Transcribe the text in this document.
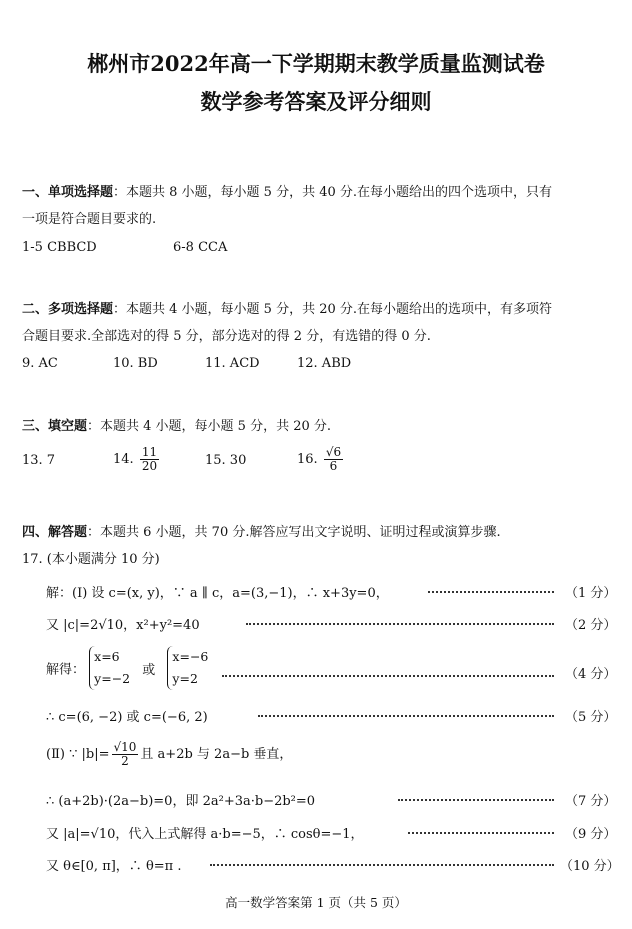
郴州市2022年高一下学期期末教学质量监测试卷
数学参考答案及评分细则
一、单项选择题：本题共 8 小题，每小题 5 分，共 40 分.在每小题给出的四个选项中，只有
一项是符合题目要求的.
1-5 CBBCD	6-8 CCA
二、多项选择题：本题共 4 小题，每小题 5 分，共 20 分.在每小题给出的选项中，有多项符
合题目要求.全部选对的得 5 分，部分选对的得 2 分，有选错的得 0 分.
9. AC	10. BD	11. ACD	12. ABD
三、填空题：本题共 4 小题，每小题 5 分，共 20 分.
13. 7	14. $\frac{11}{20}$	15. 30	16. $\frac{√6}{6}$
四、解答题：本题共 6 小题，共 70 分.解答应写出文字说明、证明过程或演算步骤.
17. (本小题满分 10 分)
解：(Ⅰ) 设 c=(x, y)，∵ a ∥ c，a=(3,−1)，∴ x+3y=0，	（1 分）
又 |c|=2√10，x²+y²=40	（2 分）
解得：
x=6
y=−2
或
x=−6
y=2	（4 分）
∴ c=(6, −2) 或 c=(−6, 2)	（5 分）
(Ⅱ) ∵ $|b|= \frac{√10}{2}$ 且 a+2b 与 2a−b 垂直，
∴ (a+2b)·(2a−b)=0，即 2a²+3a·b−2b²=0	（7 分）
又 |a|=√10，代入上式解得 a·b=−5，∴ cosθ=−1，	（9 分）
又 θ∈[0, π]，∴ θ=π .	（10 分）
高一数学答案第 1 页（共 5 页）
